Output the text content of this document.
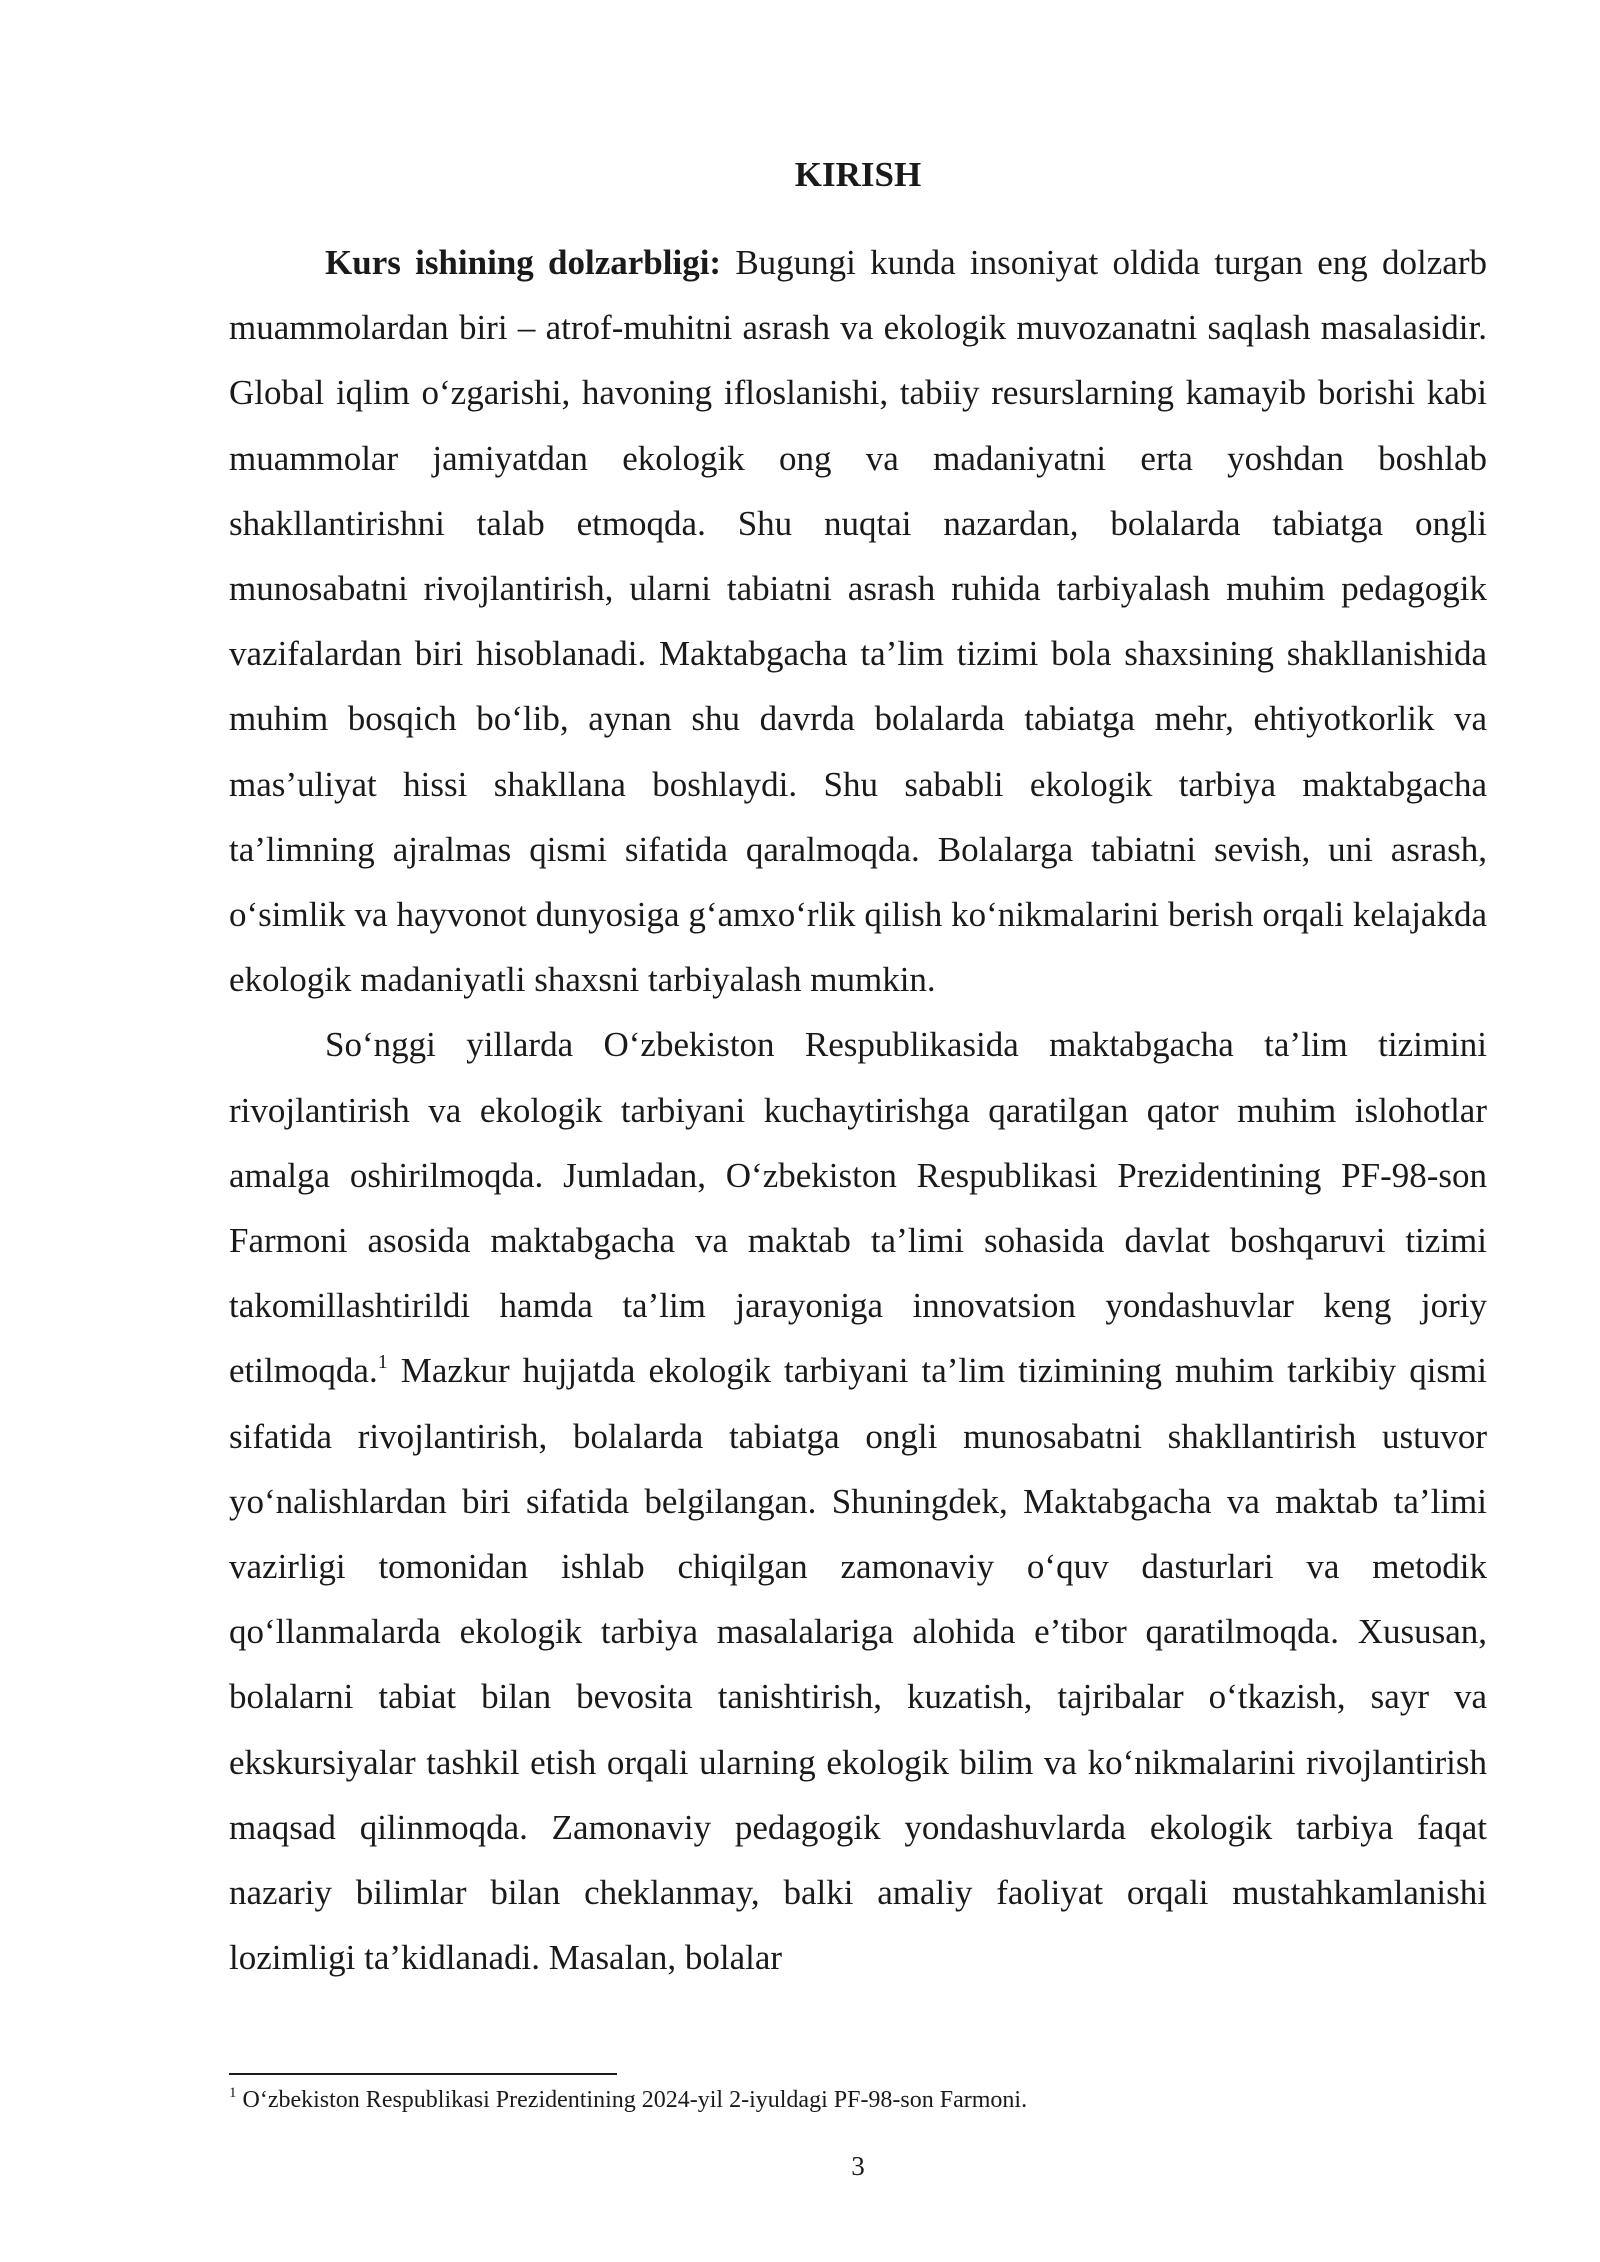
KIRISH

Kurs ishining dolzarbligi: Bugungi kunda insoniyat oldida turgan eng dolzarb muammolardan biri – atrof-muhitni asrash va ekologik muvozanatni saqlash masalasidir. Global iqlim oʻzgarishi, havoning ifloslanishi, tabiiy resurslarning kamayib borishi kabi muammolar jamiyatdan ekologik ong va madaniyatni erta yoshdan boshlab shakllantirishni talab etmoqda. Shu nuqtai nazardan, bolalarda tabiatga ongli munosabatni rivojlantirish, ularni tabiatni asrash ruhida tarbiyalash muhim pedagogik vazifalardan biri hisoblanadi. Maktabgacha ta’lim tizimi bola shaxsining shakllanishida muhim bosqich boʻlib, aynan shu davrda bolalarda tabiatga mehr, ehtiyotkorlik va mas’uliyat hissi shakllana boshlaydi. Shu sababli ekologik tarbiya maktabgacha ta’limning ajralmas qismi sifatida qaralmoqda. Bolalarga tabiatni sevish, uni asrash, oʻsimlik va hayvonot dunyosiga gʻamxoʻrlik qilish koʻnikmalarini berish orqali kelajakda ekologik madaniyatli shaxsni tarbiyalash mumkin.

Soʻnggi yillarda Oʻzbekiston Respublikasida maktabgacha ta’lim tizimini rivojlantirish va ekologik tarbiyani kuchaytirishga qaratilgan qator muhim islohotlar amalga oshirilmoqda. Jumladan, Oʻzbekiston Respublikasi Prezidentining PF-98-son Farmoni asosida maktabgacha va maktab ta’limi sohasida davlat boshqaruvi tizimi takomillashtirildi hamda ta’lim jarayoniga innovatsion yondashuvlar keng joriy etilmoqda.$^1$ Mazkur hujjatda ekologik tarbiyani ta’lim tizimining muhim tarkibiy qismi sifatida rivojlantirish, bolalarda tabiatga ongli munosabatni shakllantirish ustuvor yoʻnalishlardan biri sifatida belgilangan. Shuningdek, Maktabgacha va maktab ta’limi vazirligi tomonidan ishlab chiqilgan zamonaviy oʻquv dasturlari va metodik qoʻllanmalarda ekologik tarbiya masalalariga alohida e’tibor qaratilmoqda. Xususan, bolalarni tabiat bilan bevosita tanishtirish, kuzatish, tajribalar oʻtkazish, sayr va ekskursiyalar tashkil etish orqali ularning ekologik bilim va koʻnikmalarini rivojlantirish maqsad qilinmoqda. Zamonaviy pedagogik yondashuvlarda ekologik tarbiya faqat nazariy bilimlar bilan cheklanmay, balki amaliy faoliyat orqali mustahkamlanishi lozimligi ta’kidlanadi. Masalan, bolalar

$^1$ Oʻzbekiston Respublikasi Prezidentining 2024-yil 2-iyuldagi PF-98-son Farmoni.
3
